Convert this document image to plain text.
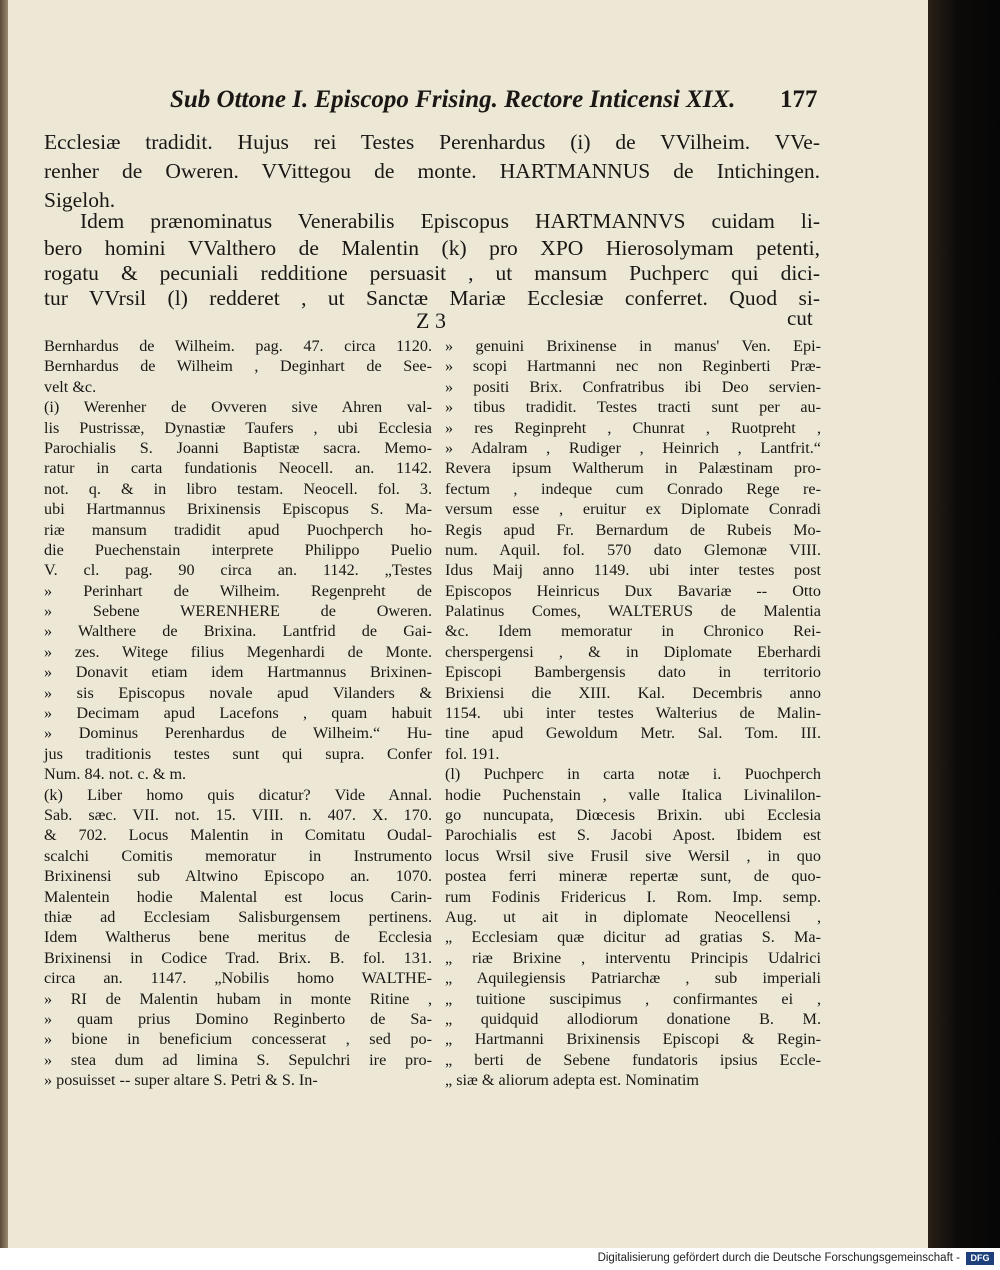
Sub Ottone I. Episcopo Frising. Rectore Inticensi XIX. 177
Ecclesiæ tradidit. Hujus rei Testes Perenhardus (i) de VVilheim. VVe-
renher de Oweren. VVittegou de monte. HARTMANNUS de Intichingen.
Sigeloh.
Idem prænominatus Venerabilis Episcopus HARTMANNVS cuidam li-
bero homini VValthero de Malentin (k) pro XPO Hierosolymam petenti,
rogatu & pecuniali redditione persuasit , ut mansum Puchperc qui dici-
tur VVrsil (l) redderet , ut Sanctæ Mariæ Ecclesiæ conferret. Quod si-
Z 3	cut
Bernhardus de Wilheim. pag. 47. circa 1120.
Bernhardus de Wilheim , Deginhart de See-
velt &c.
(i) Werenher de Ovveren sive Ahren val-
lis Pustrissæ, Dynastiæ Taufers , ubi Ecclesia
Parochialis S. Joanni Baptistæ sacra. Memo-
ratur in carta fundationis Neocell. an. 1142.
not. q. & in libro testam. Neocell. fol. 3.
ubi Hartmannus Brixinensis Episcopus S. Ma-
riæ mansum tradidit apud Puochperch ho-
die Puechenstain interprete Philippo Puelio
V. cl. pag. 90 circa an. 1142. „Testes
» Perinhart de Wilheim. Regenpreht de
» Sebene WERENHERE de Oweren.
» Walthere de Brixina. Lantfrid de Gai-
» zes. Witege filius Megenhardi de Monte.
» Donavit etiam idem Hartmannus Brixinen-
» sis Episcopus novale apud Vilanders &
» Decimam apud Lacefons , quam habuit
» Dominus Perenhardus de Wilheim.“ Hu-
jus traditionis testes sunt qui supra. Confer
Num. 84. not. c. & m.
(k) Liber homo quis dicatur? Vide Annal.
Sab. sæc. VII. not. 15. VIII. n. 407. X. 170.
& 702. Locus Malentin in Comitatu Oudal-
scalchi Comitis memoratur in Instrumento
Brixinensi sub Altwino Episcopo an. 1070.
Malentein hodie Malental est locus Carin-
thiæ ad Ecclesiam Salisburgensem pertinens.
Idem Waltherus bene meritus de Ecclesia
Brixinensi in Codice Trad. Brix. B. fol. 131.
circa an. 1147. „Nobilis homo WALTHE-
» RI de Malentin hubam in monte Ritine ,
» quam prius Domino Reginberto de Sa-
» bione in beneficium concesserat , sed po-
» stea dum ad limina S. Sepulchri ire pro-
» posuisset -- super altare S. Petri & S. In-
» genuini Brixinense in manus' Ven. Epi-
» scopi Hartmanni nec non Reginberti Præ-
» positi Brix. Confratribus ibi Deo servien-
» tibus tradidit. Testes tracti sunt per au-
» res Reginpreht , Chunrat , Ruotpreht ,
» Adalram , Rudiger , Heinrich , Lantfrit.“
Revera ipsum Waltherum in Palæstinam pro-
fectum , indeque cum Conrado Rege re-
versum esse , eruitur ex Diplomate Conradi
Regis apud Fr. Bernardum de Rubeis Mo-
num. Aquil. fol. 570 dato Glemonæ VIII.
Idus Maij anno 1149. ubi inter testes post
Episcopos Heinricus Dux Bavariæ -- Otto
Palatinus Comes, WALTERUS de Malentia
&c. Idem memoratur in Chronico Rei-
cherspergensi , & in Diplomate Eberhardi
Episcopi Bambergensis dato in territorio
Brixiensi die XIII. Kal. Decembris anno
1154. ubi inter testes Walterius de Malin-
tine apud Gewoldum Metr. Sal. Tom. III.
fol. 191.
(l) Puchperc in carta notæ i. Puochperch
hodie Puchenstain , valle Italica Livinalilon-
go nuncupata, Diœcesis Brixin. ubi Ecclesia
Parochialis est S. Jacobi Apost. Ibidem est
locus Wrsil sive Frusil sive Wersil , in quo
postea ferri mineræ repertæ sunt, de quo-
rum Fodinis Fridericus I. Rom. Imp. semp.
Aug. ut ait in diplomate Neocellensi ,
„ Ecclesiam quæ dicitur ad gratias S. Ma-
„ riæ Brixine , interventu Principis Udalrici
„ Aquilegiensis Patriarchæ , sub imperiali
„ tuitione suscipimus , confirmantes ei ,
„ quidquid allodiorum donatione B. M.
„ Hartmanni Brixinensis Episcopi & Regin-
„ berti de Sebene fundatoris ipsius Eccle-
„ siæ & aliorum adepta est. Nominatim
Digitalisierung gefördert durch die Deutsche Forschungsgemeinschaft -	DFG
